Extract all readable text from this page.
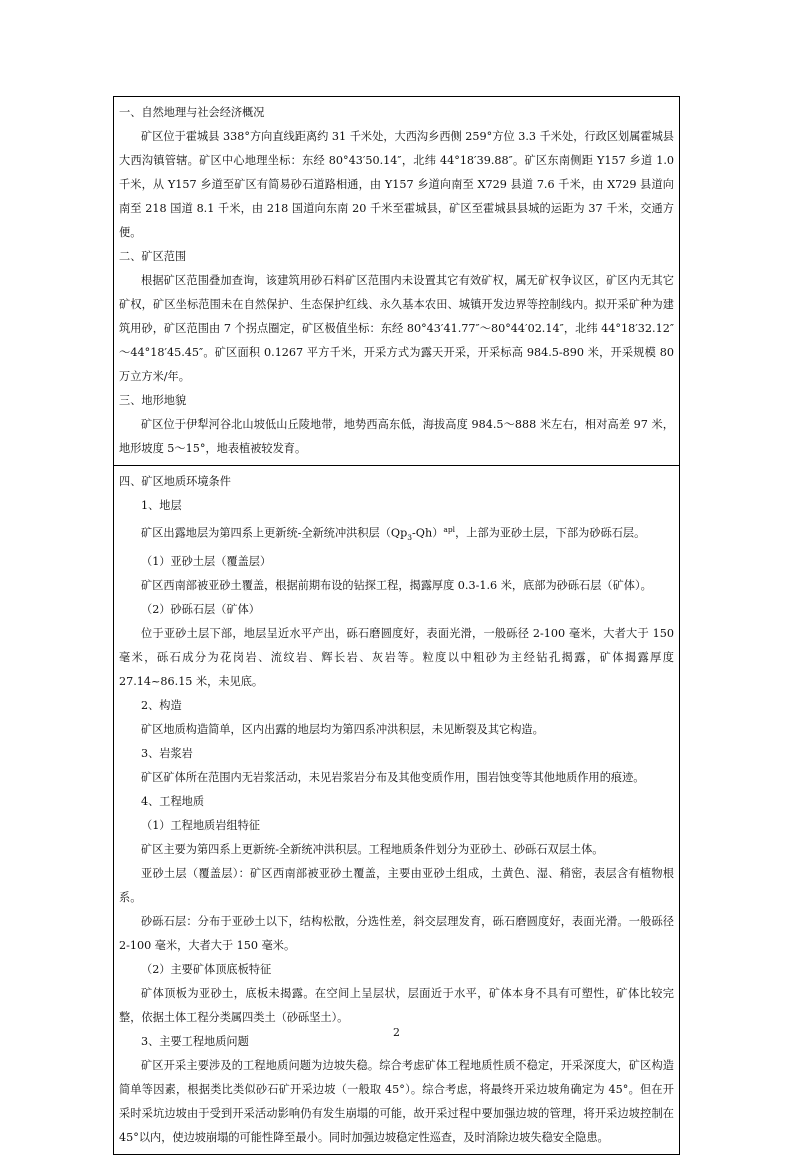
一、自然地理与社会经济概况

矿区位于霍城县 338°方向直线距离约 31 千米处，大西沟乡西侧 259°方位 3.3 千米处，行政区划属霍城县大西沟镇管辖。矿区中心地理坐标：东经 80°43′50.14″，北纬 44°18′39.88″。矿区东南侧距 Y157 乡道 1.0 千米，从 Y157 乡道至矿区有简易砂石道路相通，由 Y157 乡道向南至 X729 县道 7.6 千米，由 X729 县道向南至 218 国道 8.1 千米，由 218 国道向东南 20 千米至霍城县，矿区至霍城县县城的运距为 37 千米，交通方便。

二、矿区范围

根据矿区范围叠加查询，该建筑用砂石料矿区范围内未设置其它有效矿权，属无矿权争议区，矿区内无其它矿权，矿区坐标范围未在自然保护、生态保护红线、永久基本农田、城镇开发边界等控制线内。拟开采矿种为建筑用砂，矿区范围由 7 个拐点圈定，矿区极值坐标：东经 80°43′41.77″～80°44′02.14″，北纬 44°18′32.12″～44°18′45.45″。矿区面积 0.1267 平方千米，开采方式为露天开采，开采标高 984.5-890 米，开采规模 80 万立方米/年。

三、地形地貌

矿区位于伊犁河谷北山坡低山丘陵地带，地势西高东低，海拔高度 984.5～888 米左右，相对高差 97 米，地形坡度 5～15°，地表植被较发育。

四、矿区地质环境条件

1、地层

矿区出露地层为第四系上更新统-全新统冲洪积层$(Qp_3-Qh)^{apl}$，上部为亚砂土层，下部为砂砾石层。

（1）亚砂土层（覆盖层）

矿区西南部被亚砂土覆盖，根据前期布设的钻探工程，揭露厚度 0.3-1.6 米，底部为砂砾石层（矿体）。

（2）砂砾石层（矿体）

位于亚砂土层下部，地层呈近水平产出，砾石磨圆度好，表面光滑，一般砾径 2-100 毫米，大者大于 150 毫米，砾石成分为花岗岩、流纹岩、辉长岩、灰岩等。粒度以中粗砂为主经钻孔揭露，矿体揭露厚度 27.14~86.15 米，未见底。

2、构造

矿区地质构造简单，区内出露的地层均为第四系冲洪积层，未见断裂及其它构造。

3、岩浆岩

矿区矿体所在范围内无岩浆活动，未见岩浆岩分布及其他变质作用，围岩蚀变等其他地质作用的痕迹。

4、工程地质

（1）工程地质岩组特征

矿区主要为第四系上更新统-全新统冲洪积层。工程地质条件划分为亚砂土、砂砾石双层土体。

亚砂土层（覆盖层）：矿区西南部被亚砂土覆盖，主要由亚砂土组成，土黄色、湿、稍密，表层含有植物根系。

砂砾石层：分布于亚砂土以下，结构松散，分选性差，斜交层理发育，砾石磨圆度好，表面光滑。一般砾径 2-100 毫米，大者大于 150 毫米。

（2）主要矿体顶底板特征

矿体顶板为亚砂土，底板未揭露。在空间上呈层状，层面近于水平，矿体本身不具有可塑性，矿体比较完整，依据土体工程分类属四类土（砂砾坚土）。

3、主要工程地质问题

矿区开采主要涉及的工程地质问题为边坡失稳。综合考虑矿体工程地质性质不稳定，开采深度大，矿区构造简单等因素，根据类比类似砂石矿开采边坡（一般取 45°）。综合考虑，将最终开采边坡角确定为 45°。但在开采时采坑边坡由于受到开采活动影响仍有发生崩塌的可能，故开采过程中要加强边坡的管理，将开采边坡控制在 45°以内，使边坡崩塌的可能性降至最小。同时加强边坡稳定性巡查，及时消除边坡失稳安全隐患。

2
